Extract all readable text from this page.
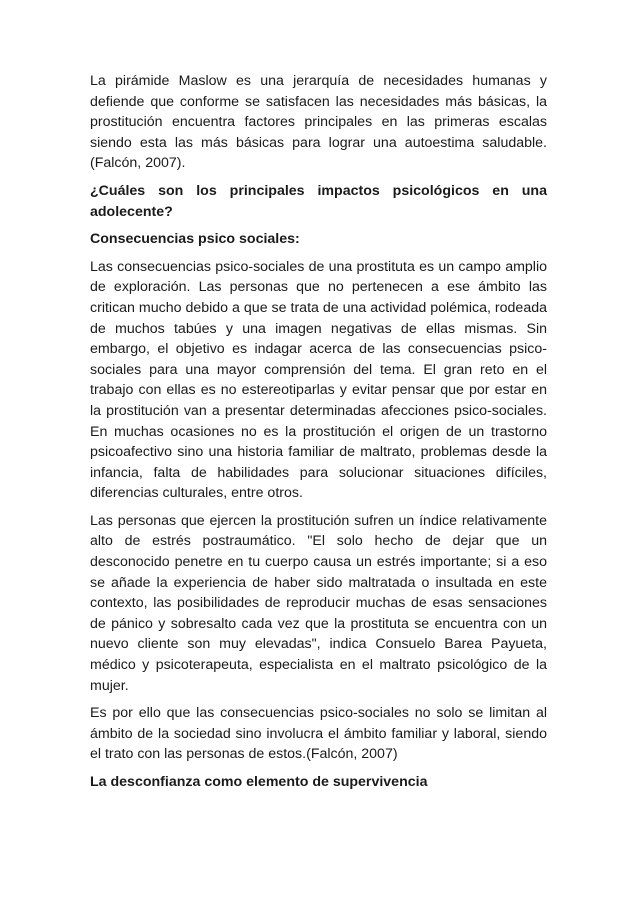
La pirámide Maslow es una jerarquía de necesidades humanas y defiende que conforme se satisfacen las necesidades más básicas, la prostitución encuentra factores principales en las primeras escalas siendo esta las más básicas para lograr una autoestima saludable.(Falcón, 2007).

¿Cuáles son los principales impactos psicológicos en una adolecente?

Consecuencias psico sociales:

Las consecuencias psico-sociales de una prostituta es un campo amplio de exploración. Las personas que no pertenecen a ese ámbito las critican mucho debido a que se trata de una actividad polémica, rodeada de muchos tabúes y una imagen negativas de ellas mismas. Sin embargo, el objetivo es indagar acerca de las consecuencias psico-sociales para una mayor comprensión del tema. El gran reto en el trabajo con ellas es no estereotiparlas y evitar pensar que por estar en la prostitución van a presentar determinadas afecciones psico-sociales. En muchas ocasiones no es la prostitución el origen de un trastorno psicoafectivo sino una historia familiar de maltrato, problemas desde la infancia, falta de habilidades para solucionar situaciones difíciles, diferencias culturales, entre otros.

Las personas que ejercen la prostitución sufren un índice relativamente alto de estrés postraumático. "El solo hecho de dejar que un desconocido penetre en tu cuerpo causa un estrés importante; si a eso se añade la experiencia de haber sido maltratada o insultada en este contexto, las posibilidades de reproducir muchas de esas sensaciones de pánico y sobresalto cada vez que la prostituta se encuentra con un nuevo cliente son muy elevadas", indica Consuelo Barea Payueta, médico y psicoterapeuta, especialista en el maltrato psicológico de la mujer.

Es por ello que las consecuencias psico-sociales no solo se limitan al ámbito de la sociedad sino involucra el ámbito familiar y laboral, siendo el trato con las personas de estos.(Falcón, 2007)

La desconfianza como elemento de supervivencia
